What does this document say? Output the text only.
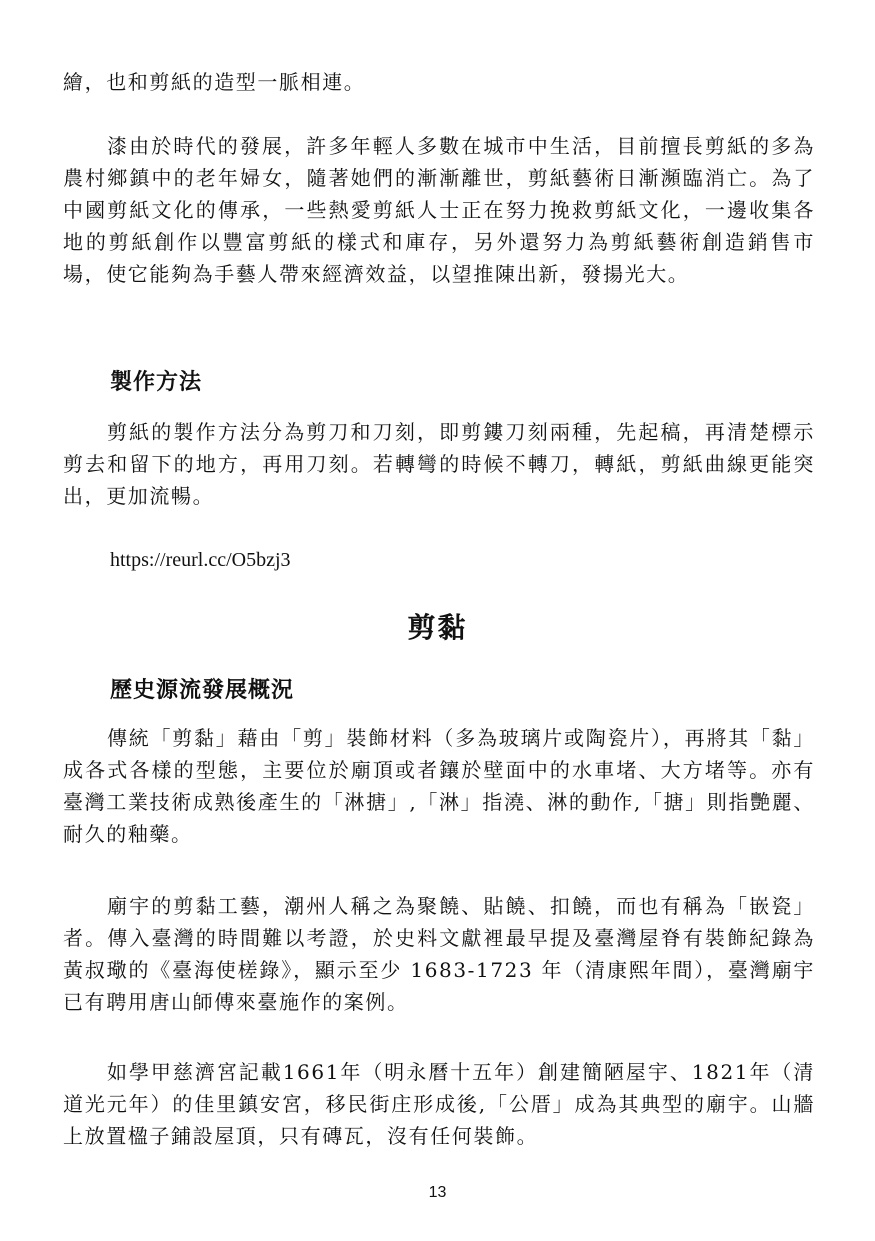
繪，也和剪紙的造型一脈相連。

漆由於時代的發展，許多年輕人多數在城市中生活，目前擅長剪紙的多為農村鄉鎮中的老年婦女，隨著她們的漸漸離世，剪紙藝術日漸瀕臨消亡。為了中國剪紙文化的傳承，一些熱愛剪紙人士正在努力挽救剪紙文化，一邊收集各地的剪紙創作以豐富剪紙的樣式和庫存，另外還努力為剪紙藝術創造銷售市場，使它能夠為手藝人帶來經濟效益，以望推陳出新，發揚光大。

製作方法

剪紙的製作方法分為剪刀和刀刻，即剪鏤刀刻兩種，先起稿，再清楚標示剪去和留下的地方，再用刀刻。若轉彎的時候不轉刀，轉紙，剪紙曲線更能突出，更加流暢。

https://reurl.cc/O5bzj3

剪黏
歷史源流發展概況

傳統「剪黏」藉由「剪」裝飾材料（多為玻璃片或陶瓷片），再將其「黏」成各式各樣的型態，主要位於廟頂或者鑲於壁面中的水車堵、大方堵等。亦有臺灣工業技術成熟後產生的「淋搪」,「淋」指澆、淋的動作,「搪」則指艷麗、 耐久的釉藥。

廟宇的剪黏工藝，潮州人稱之為聚饒、貼饒、扣饒，而也有稱為「嵌瓷」者。傳入臺灣的時間難以考證，於史料文獻裡最早提及臺灣屋脊有裝飾紀錄為黃叔璥的《臺海使槎錄》，顯示至少 1683-1723 年（清康熙年間），臺灣廟宇已有聘用唐山師傅來臺施作的案例。

如學甲慈濟宮記載1661年（明永曆十五年）創建簡陋屋宇、1821年（清道光元年）的佳里鎮安宮，移民街庄形成後,「公厝」成為其典型的廟宇。山牆上放置楹子鋪設屋頂，只有磚瓦，沒有任何裝飾。

13
